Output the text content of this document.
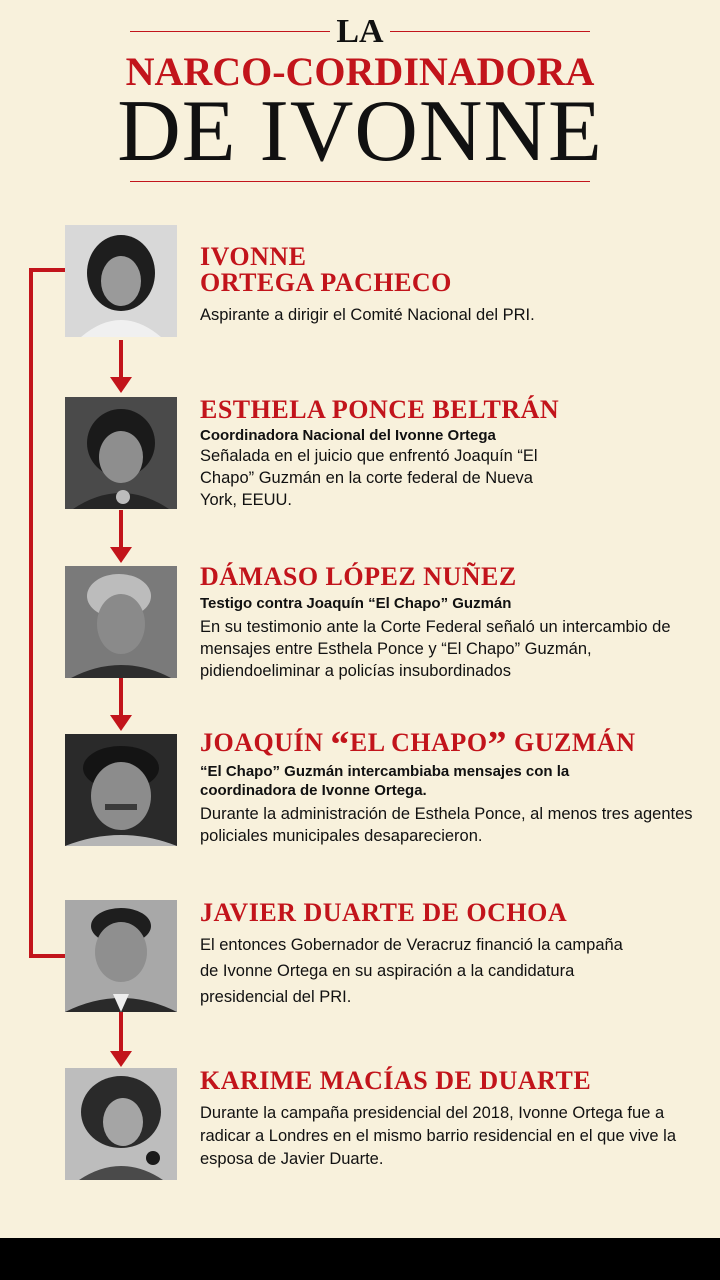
LA
NARCO-CORDINADORA
DE IVONNE
IVONNE
ORTEGA PACHECO
Aspirante a dirigir el Comité Nacional del PRI.
ESTHELA PONCE BELTRÁN
Coordinadora Nacional del Ivonne Ortega
Señalada en el juicio que enfrentó Joaquín “El Chapo” Guzmán en la corte federal de Nueva York, EEUU.
DÁMASO LÓPEZ NUÑEZ
Testigo contra Joaquín “El Chapo” Guzmán
En su testimonio ante la Corte Federal señaló un intercambio de mensajes entre Esthela Ponce y “El Chapo” Guzmán, pidiendoeliminar a policías insubordinados
JOAQUÍN “EL CHAPO” GUZMÁN
“El Chapo” Guzmán intercambiaba mensajes con la coordinadora de Ivonne Ortega.
Durante la administración de Esthela Ponce, al menos tres agentes policiales municipales desaparecieron.
JAVIER DUARTE DE OCHOA
El entonces Gobernador de Veracruz financió la campaña de Ivonne Ortega en su aspiración a la candidatura presidencial del PRI.
KARIME MACÍAS DE DUARTE
Durante la campaña presidencial del 2018, Ivonne Ortega fue a radicar a Londres en el mismo barrio residencial en el que vive la esposa de Javier Duarte.
